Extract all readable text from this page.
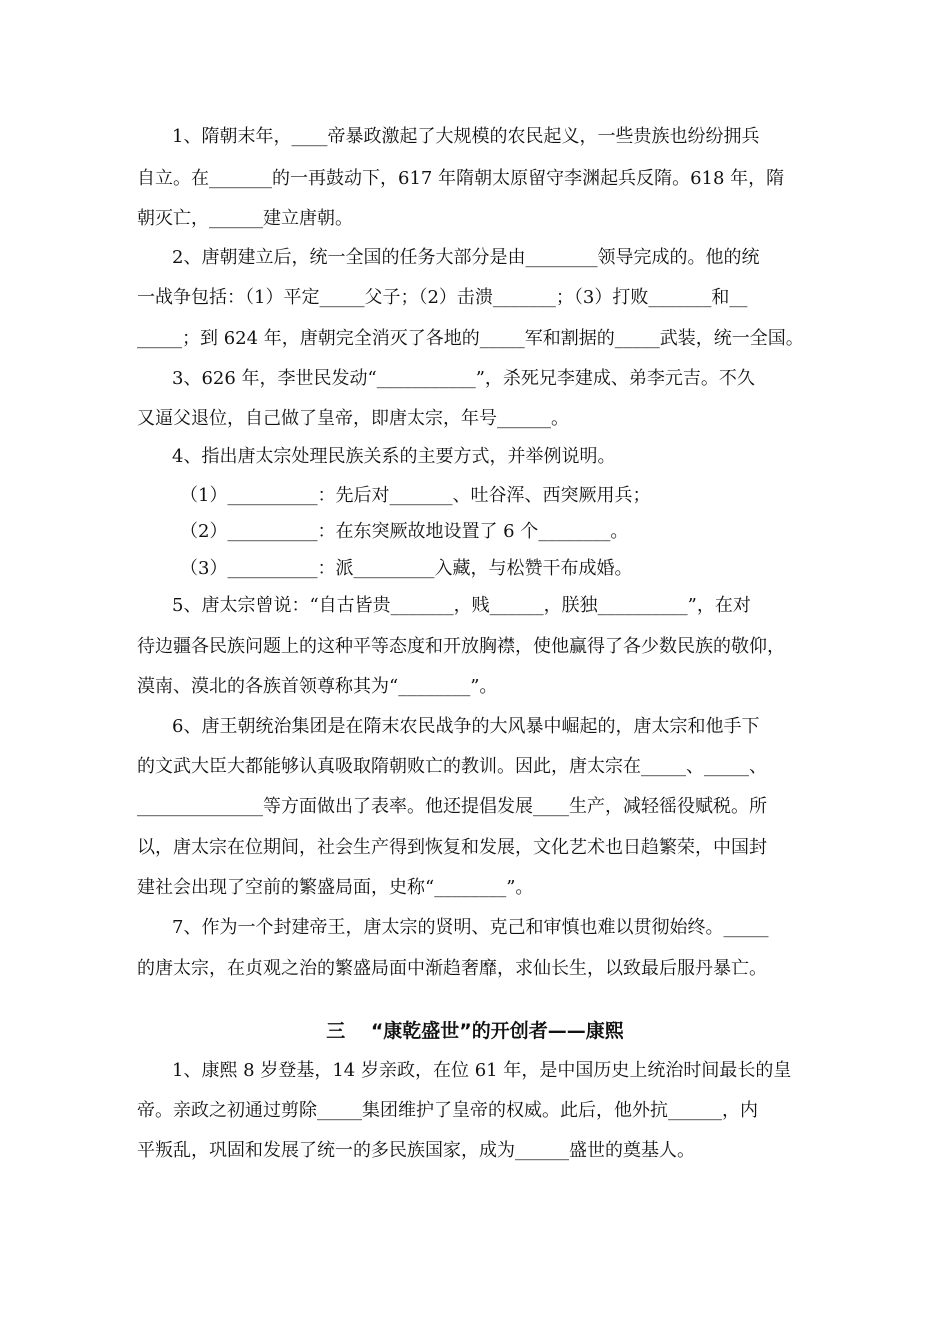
1、隋朝末年，____帝暴政激起了大规模的农民起义，一些贵族也纷纷拥兵
自立。在_______的一再鼓动下，617 年隋朝太原留守李渊起兵反隋。618 年，隋
朝灭亡，______建立唐朝。
2、唐朝建立后，统一全国的任务大部分是由________领导完成的。他的统
一战争包括：（1）平定_____父子；（2）击溃_______；（3）打败_______和__
_____；到 624 年，唐朝完全消灭了各地的_____军和割据的_____武装，统一全国。
3、626 年，李世民发动“___________”，杀死兄李建成、弟李元吉。不久
又逼父退位，自己做了皇帝，即唐太宗，年号______。
4、指出唐太宗处理民族关系的主要方式，并举例说明。
（1）__________：先后对_______、吐谷浑、西突厥用兵；
（2）__________：在东突厥故地设置了 6 个________。
（3）__________：派_________入藏，与松赞干布成婚。
5、唐太宗曾说：“自古皆贵_______，贱______，朕独__________”，在对
待边疆各民族问题上的这种平等态度和开放胸襟，使他赢得了各少数民族的敬仰，
漠南、漠北的各族首领尊称其为“________”。
6、唐王朝统治集团是在隋末农民战争的大风暴中崛起的，唐太宗和他手下
的文武大臣大都能够认真吸取隋朝败亡的教训。因此，唐太宗在_____、_____、
______________等方面做出了表率。他还提倡发展____生产，减轻徭役赋税。所
以，唐太宗在位期间，社会生产得到恢复和发展，文化艺术也日趋繁荣，中国封
建社会出现了空前的繁盛局面，史称“________”。
7、作为一个封建帝王，唐太宗的贤明、克己和审慎也难以贯彻始终。_____
的唐太宗，在贞观之治的繁盛局面中渐趋奢靡，求仙长生，以致最后服丹暴亡。
三　 “康乾盛世”的开创者——康熙
1、康熙 8 岁登基，14 岁亲政，在位 61 年，是中国历史上统治时间最长的皇
帝。亲政之初通过剪除_____集团维护了皇帝的权威。此后，他外抗______，内
平叛乱，巩固和发展了统一的多民族国家，成为______盛世的奠基人。
